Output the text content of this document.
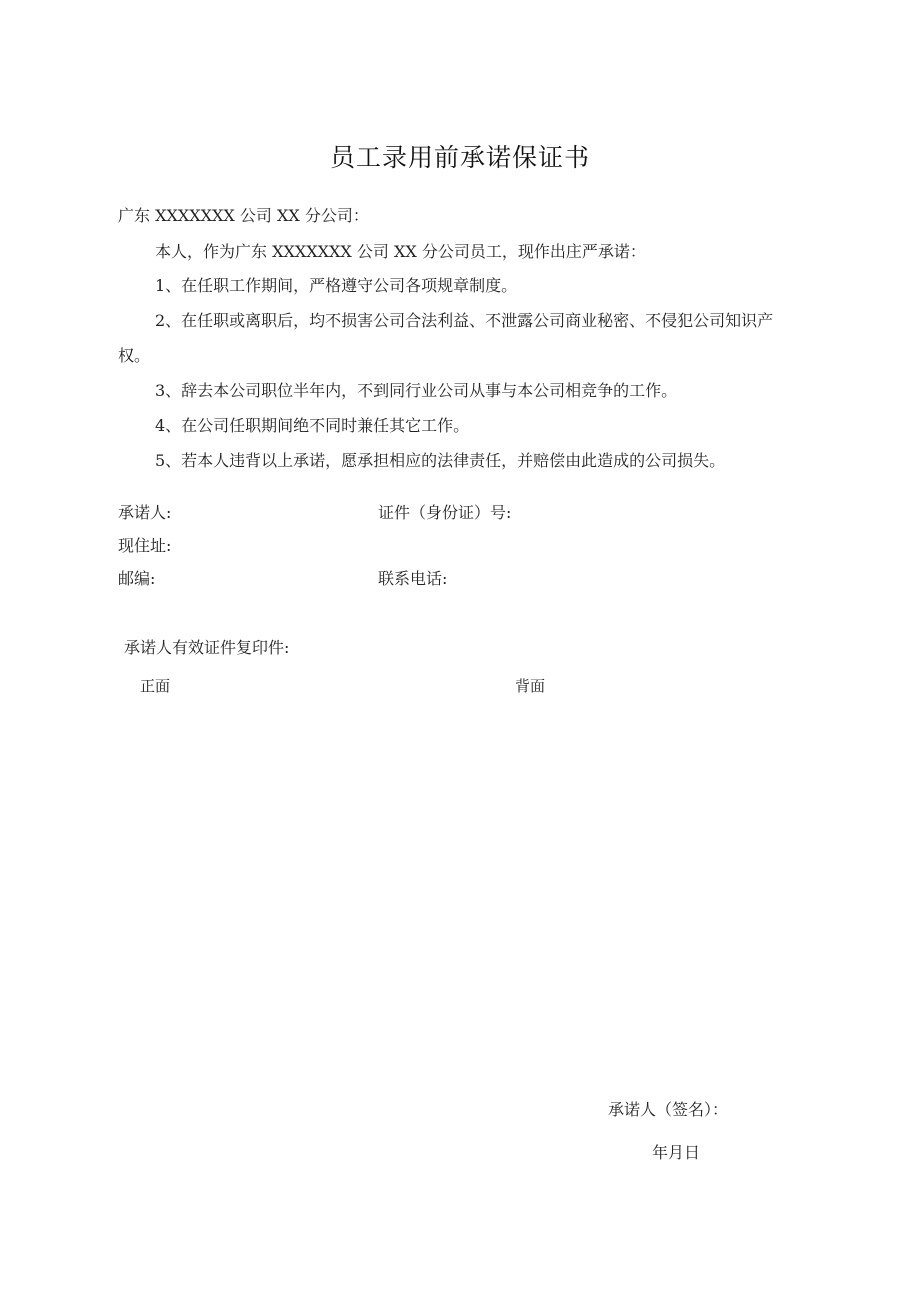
员工录用前承诺保证书
广东 XXXXXXX 公司 XX 分公司：
本人，作为广东 XXXXXXX 公司 XX 分公司员工，现作出庄严承诺：
1、在任职工作期间，严格遵守公司各项规章制度。
2、在任职或离职后，均不损害公司合法利益、不泄露公司商业秘密、不侵犯公司知识产
权。
3、辞去本公司职位半年内，不到同行业公司从事与本公司相竞争的工作。
4、在公司任职期间绝不同时兼任其它工作。
5、若本人违背以上承诺，愿承担相应的法律责任，并赔偿由此造成的公司损失。
承诺人:	证件（身份证）号:
现住址:
邮编:	联系电话:
承诺人有效证件复印件:
正面	背面
承诺人（签名）：
年月日
